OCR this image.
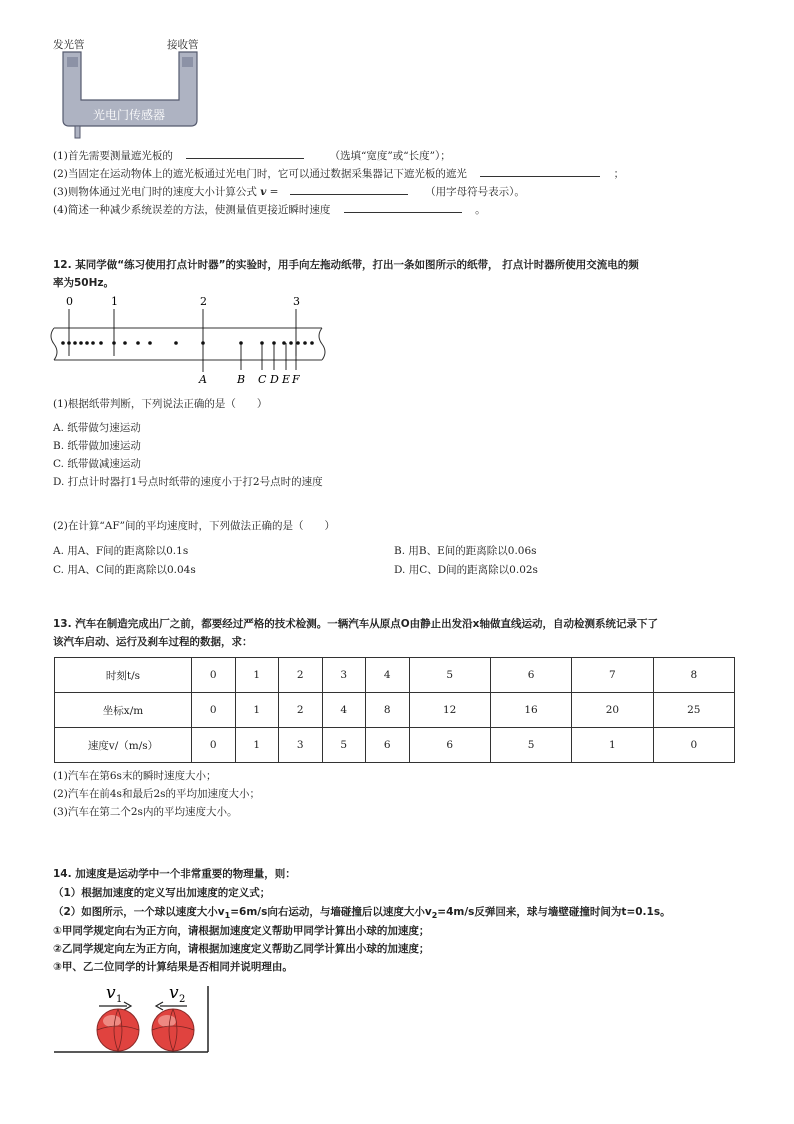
发光管	接收管
光电门传感器
(1)首先需要测量遮光板的	（选填“宽度”或“长度”）；
(2)当固定在运动物体上的遮光板通过光电门时，它可以通过数据采集器记下遮光板的遮光	；
(3)则物体通过光电门时的速度大小计算公式 v =	（用字母符号表示）。
(4)简述一种减少系统误差的方法，使测量值更接近瞬时速度	。
12. 某同学做“练习使用打点计时器”的实验时，用手向左拖动纸带，打出一条如图所示的纸带， 打点计时器所使用交流电的频
率为50Hz。
0	1	2	3
A	B C D E F
(1)根据纸带判断，下列说法正确的是（　　）
A. 纸带做匀速运动
B. 纸带做加速运动
C. 纸带做减速运动
D. 打点计时器打1号点时纸带的速度小于打2号点时的速度
(2)在计算“AF”间的平均速度时，下列做法正确的是（　　）
A. 用A、F间的距离除以0.1s	B. 用B、E间的距离除以0.06s
C. 用A、C间的距离除以0.04s	D. 用C、D间的距离除以0.02s
13. 汽车在制造完成出厂之前，都要经过严格的技术检测。一辆汽车从原点O由静止出发沿x轴做直线运动，自动检测系统记录下了
该汽车启动、运行及刹车过程的数据，求：
时刻t/s	0	1	2	3	4	5	6	7	8
坐标x/m	0	1	2	4	8	12	16	20	25
速度v/（m/s）	0	1	3	5	6	6	5	1	0
(1)汽车在第6s末的瞬时速度大小；
(2)汽车在前4s和最后2s的平均加速度大小；
(3)汽车在第二个2s内的平均速度大小。
14. 加速度是运动学中一个非常重要的物理量，则：
（1）根据加速度的定义写出加速度的定义式；
（2）如图所示，一个球以速度大小$v_1=6m/s$向右运动，与墙碰撞后以速度大小$v_2=4m/s$反弹回来，球与墙壁碰撞时间为t=0.1s。
①甲同学规定向右为正方向，请根据加速度定义帮助甲同学计算出小球的加速度；
②乙同学规定向左为正方向，请根据加速度定义帮助乙同学计算出小球的加速度；
③甲、乙二位同学的计算结果是否相同并说明理由。
v 1	v 2
